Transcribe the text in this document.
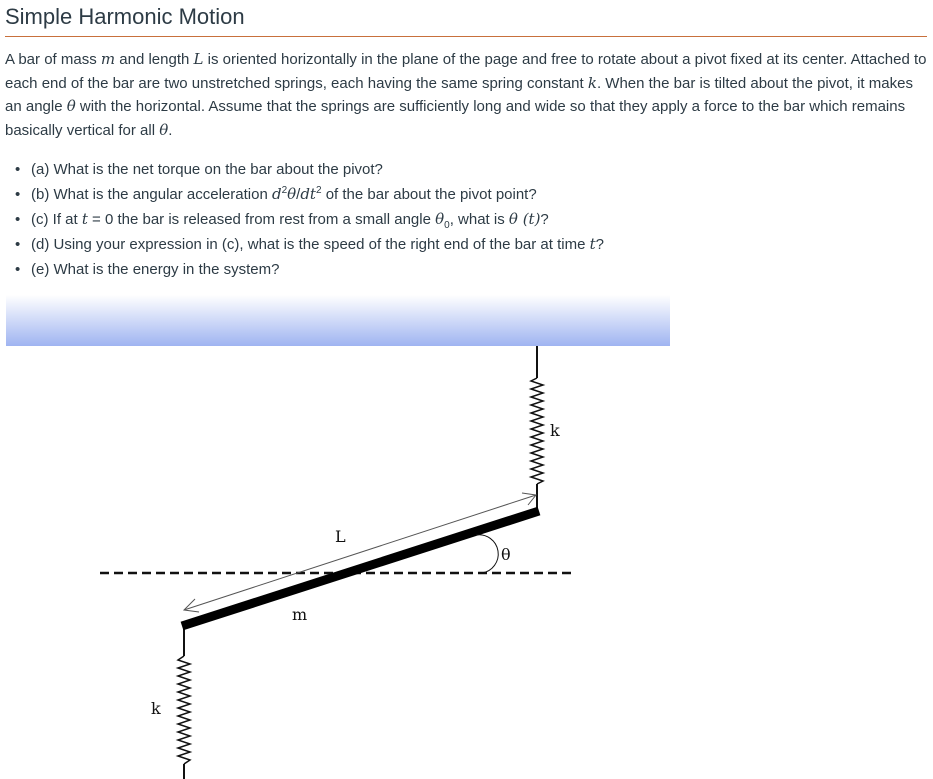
Simple Harmonic Motion

A bar of mass m and length L is oriented horizontally in the plane of the page and free to rotate about a pivot fixed at its center. Attached to each end of the bar are two unstretched springs, each having the same spring constant k. When the bar is tilted about the pivot, it makes an angle θ with the horizontal. Assume that the springs are sufficiently long and wide so that they apply a force to the bar which remains basically vertical for all θ.

• (a) What is the net torque on the bar about the pivot?
• (b) What is the angular acceleration $d^2\theta/dt^2$ of the bar about the pivot point?
• (c) If at t = 0 the bar is released from rest from a small angle $\theta_0$, what is θ (t)?
• (d) Using your expression in (c), what is the speed of the right end of the bar at time t?
• (e) What is the energy in the system?
k
k
L
θ
m
